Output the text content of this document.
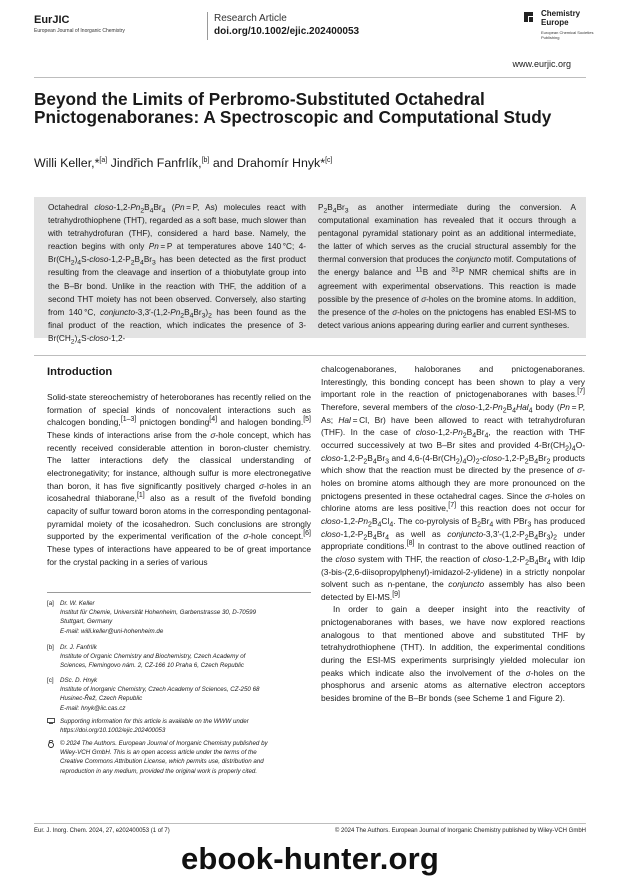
EurJIC
European Journal of Inorganic Chemistry
Research Article
doi.org/10.1002/ejic.202400053
Chemistry Europe
European Chemical Societies Publishing
www.eurjic.org
Beyond the Limits of Perbromo-Substituted Octahedral Pnictogenaboranes: A Spectroscopic and Computational Study
Willi Keller,*[a] Jindřich Fanfrlík,[b] and Drahomír Hnyk*[c]
Octahedral closo-$1,2-Pn_2B_4Br_4$ (Pn = P, As) molecules react with tetrahydrothiophene (THT), regarded as a soft base, much slower than with tetrahydrofuran (THF), considered a hard base. Namely, the reaction begins with only Pn = P at temperatures above 140 °C; $4-Br(CH_2)_4S-closo-1,2-P_2B_4Br_3$ has been detected as the first product resulting from the cleavage and insertion of a thiobutylate group into the B–Br bond. Unlike in the reaction with THF, the addition of a second THT moiety has not been observed. Conversely, also starting from 140 °C, conjuncto-$3,3'-(1,2-Pn_2B_4Br_3)_2$ has been found as the final product of the reaction, which indicates the presence of $3-Br(CH_2)_4S-closo-1,2-$
$P_2B_4Br_3$ as another intermediate during the conversion. A computational examination has revealed that it occurs through a pentagonal pyramidal stationary point as an additional intermediate, the latter of which serves as the crucial structural assembly for the thermal conversion that produces the conjuncto motif. Computations of the energy balance and $^{11}$B and $^{31}$P NMR chemical shifts are in agreement with experimental observations. This reaction is made possible by the presence of σ-holes on the bromine atoms. In addition, the presence of the σ-holes on the pnictogens has enabled ESI-MS to detect various anions appearing during earlier and current syntheses.
Introduction
Solid-state stereochemistry of heteroboranes has recently relied on the formation of special kinds of noncovalent interactions such as chalcogen bonding,[1–3] pnictogen bonding[4] and halogen bonding.[5] These kinds of interactions arise from the σ-hole concept, which has recently received considerable attention in boron-cluster chemistry. The latter interactions defy the classical understanding of electronegativity; for instance, although sulfur is more electronegative than boron, it has five significantly positively charged σ-holes in an icosahedral thiaborane,[1] also as a result of the fivefold bonding capacity of sulfur toward boron atoms in the corresponding pentagonal-pyramidal moiety of the icosahedron. Such conclusions are strongly supported by the experimental verification of the σ-hole concept.[6] These types of interactions have appeared to be of great importance for the crystal packing in a series of various
[a] Dr. W. Keller
Institut für Chemie, Universität Hohenheim, Garbenstrasse 30, D-70599
Stuttgart, Germany
E-mail: willi.keller@uni-hohenheim.de
[b] Dr. J. Fanfrlík
Institute of Organic Chemistry and Biochemistry, Czech Academy of
Sciences, Flemingovo nám. 2, CZ-166 10 Praha 6, Czech Republic
[c] DSc. D. Hnyk
Institute of Inorganic Chemistry, Czech Academy of Sciences, CZ-250 68
Husinec-Řež, Czech Republic
E-mail: hnyk@iic.cas.cz
Supporting information for this article is available on the WWW under
https://doi.org/10.1002/ejic.202400053
© 2024 The Authors. European Journal of Inorganic Chemistry published by
Wiley-VCH GmbH. This is an open access article under the terms of the
Creative Commons Attribution License, which permits use, distribution and
reproduction in any medium, provided the original work is properly cited.

chalcogenaboranes, haloboranes and pnictogenaboranes. Interestingly, this bonding concept has been shown to play a very important role in the reaction of pnictogenaboranes with bases.[7] Therefore, several members of the closo-$1,2-Pn_2B_4Hal_4$ body (Pn = P, As; Hal = Cl, Br) have been allowed to react with tetrahydrofuran (THF). In the case of closo-$1,2-Pn_2B_4Br_4$, the reaction with THF occurred successively at two B–Br sites and provided $4-Br(CH_2)_4O-closo-1,2-P_2B_4Br_3$ and $4,6-(4-Br(CH_2)_4O)_2-closo-1,2-P_2B_4Br_2$ products which show that the reaction must be directed by the presence of σ-holes on bromine atoms although they are more pronounced on the pnictogens presented in these octahedral cages. Since the σ-holes on chlorine atoms are less positive,[7] this reaction does not occur for closo-$1,2-Pn_2B_4Cl_4$. The co-pyrolysis of $B_2Br_4$ with PBr$_3$ has produced closo-$1,2-P_2B_4Br_4$ as well as conjuncto-$3,3'-(1,2-P_2B_4Br_3)_2$ under appropriate conditions.[8] In contrast to the above outlined reaction of the closo system with THF, the reaction of closo-$1,2-P_2B_4Br_4$ with Idip (3-bis-(2,6-diisopropylphenyl)-imidazol-2-ylidene) in a strictly nonpolar solvent such as n-pentane, the conjuncto assembly has also been detected by EI-MS.[9]

In order to gain a deeper insight into the reactivity of pnictogenaboranes with bases, we have now explored reactions analogous to that mentioned above and substituted THF by tetrahydrothiophene (THT). In addition, the experimental conditions during the ESI-MS experiments surprisingly yielded molecular ion peaks which indicate also the involvement of the σ-holes on the phosphorus and arsenic atoms as alternative electron acceptors besides bromine of the B–Br bonds (see Scheme 1 and Figure 2).

Eur. J. Inorg. Chem. 2024, 27, e202400053 (1 of 7)	© 2024 The Authors. European Journal of Inorganic Chemistry published by Wiley-VCH GmbH
ebook-hunter.org
